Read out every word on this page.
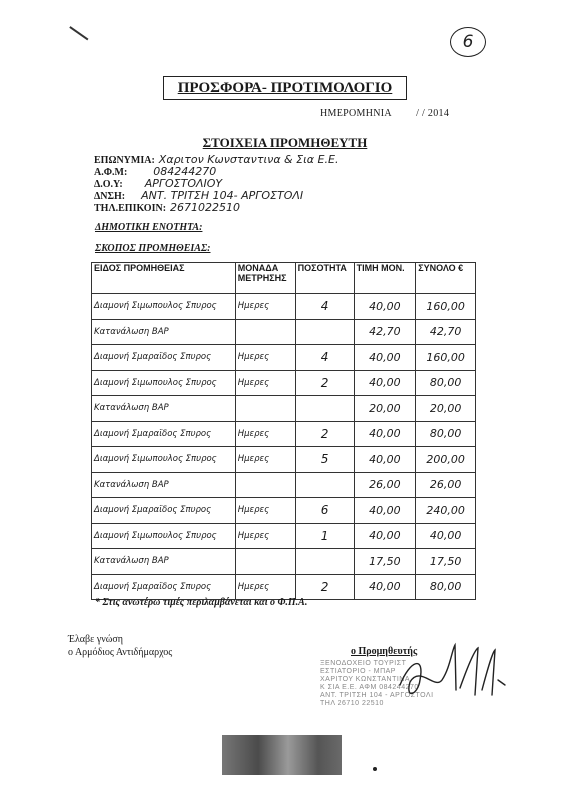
6
ΠΡΟΣΦΟΡΑ- ΠΡΟΤΙΜΟΛΟΓΙΟ
ΗΜΕΡΟΜΗΝΙΑ / / 2014
ΣΤΟΙΧΕΙΑ ΠΡΟΜΗΘΕΥΤΗ
ΕΠΩΝΥΜΙΑ: Χαριτον Κωνσταντινα & Σια Ε.Ε.
Α.Φ.Μ: 084244270
Δ.Ο.Υ: ΑΡΓΟΣΤΟΛΙΟΥ
ΔΝΣΗ: ΑΝΤ. ΤΡΙΤΣΗ 104- ΑΡΓΟΣΤΟΛΙ
ΤΗΛ.ΕΠΙΚΟΙΝ: 2671022510
ΔΗΜΟΤΙΚΗ ΕΝΟΤΗΤΑ:
ΣΚΟΠΟΣ ΠΡΟΜΗΘΕΙΑΣ:
ΕΙΔΟΣ ΠΡΟΜΗΘΕΙΑΣ	ΜΟΝΑΔΑ ΜΕΤΡΗΣΗΣ	ΠΟΣΟΤΗΤΑ	ΤΙΜΗ ΜΟΝ.	ΣΥΝΟΛΟ €
Διαμονή Σιμωπουλος Σπυρος	Ημερες	4	40,00	160,00
Κατανάλωση ΒΑΡ			42,70	42,70
Διαμονή Σμαραϊδος Σπυρος	Ημερες	4	40,00	160,00
Διαμονή Σιμωπουλος Σπυρος	Ημερες	2	40,00	80,00
Κατανάλωση ΒΑΡ			20,00	20,00
Διαμονή Σμαραϊδος Σπυρος	Ημερες	2	40,00	80,00
Διαμονή Σιμωπουλος Σπυρος	Ημερες	5	40,00	200,00
Κατανάλωση ΒΑΡ			26,00	26,00
Διαμονή Σμαραϊδος Σπυρος	Ημερες	6	40,00	240,00
Διαμονή Σιμωπουλος Σπυρος	Ημερες	1	40,00	40,00
Κατανάλωση ΒΑΡ			17,50	17,50
Διαμονή Σμαραϊδος Σπυρος	Ημερες	2	40,00	80,00
* Στις ανωτέρω τιμές περιλαμβάνεται και ο Φ.Π.Α.
Έλαβε γνώση
ο Αρμόδιος Αντιδήμαρχος	ο Προμηθευτής
ΞΕΝΟΔΟΧΕΙΟ ΤΟΥΡΙΣΤ
ΕΣΤΙΑΤΟΡΙΟ - ΜΠΑΡ
ΧΑΡΙΤΟΥ ΚΩΝΣΤΑΝΤΙΝΑ
Κ ΣΙΑ Ε.Ε. ΑΦΜ 084244270
ΑΝΤ. ΤΡΙΤΣΗ 104 - ΑΡΓΟΣΤΟΛΙ
ΤΗΛ 26710 22510
